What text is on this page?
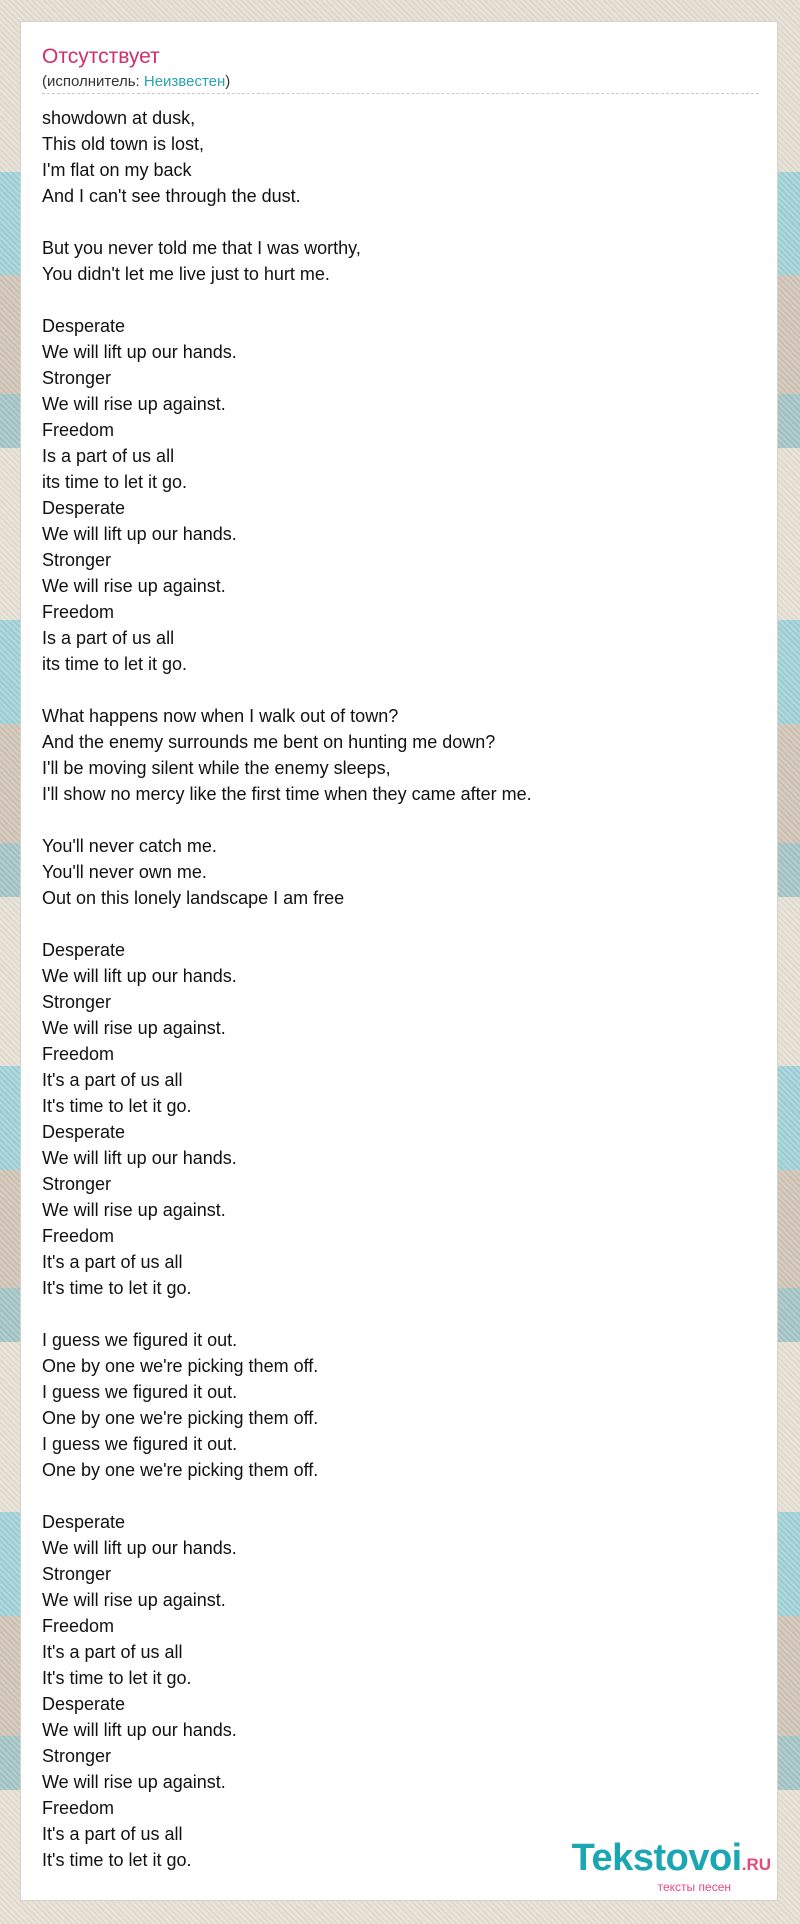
Отсутствует
(исполнитель: Неизвестен)
showdown at dusk,
This old town is lost,
I'm flat on my back
And I can't see through the dust.

But you never told me that I was worthy,
You didn't let me live just to hurt me.

Desperate
We will lift up our hands.
Stronger
We will rise up against.
Freedom
Is a part of us all
its time to let it go.
Desperate
We will lift up our hands.
Stronger
We will rise up against.
Freedom
Is a part of us all
its time to let it go.

What happens now when I walk out of town?
And the enemy surrounds me bent on hunting me down?
I'll be moving silent while the enemy sleeps,
I'll show no mercy like the first time when they came after me.

You'll never catch me.
You'll never own me.
Out on this lonely landscape I am free

Desperate
We will lift up our hands.
Stronger
We will rise up against.
Freedom
It's a part of us all
It's time to let it go.
Desperate
We will lift up our hands.
Stronger
We will rise up against.
Freedom
It's a part of us all
It's time to let it go.

I guess we figured it out.
One by one we're picking them off.
I guess we figured it out.
One by one we're picking them off.
I guess we figured it out.
One by one we're picking them off.

Desperate
We will lift up our hands.
Stronger
We will rise up against.
Freedom
It's a part of us all
It's time to let it go.
Desperate
We will lift up our hands.
Stronger
We will rise up against.
Freedom
It's a part of us all
It's time to let it go.	Tekstovoi.RU
тексты песен
